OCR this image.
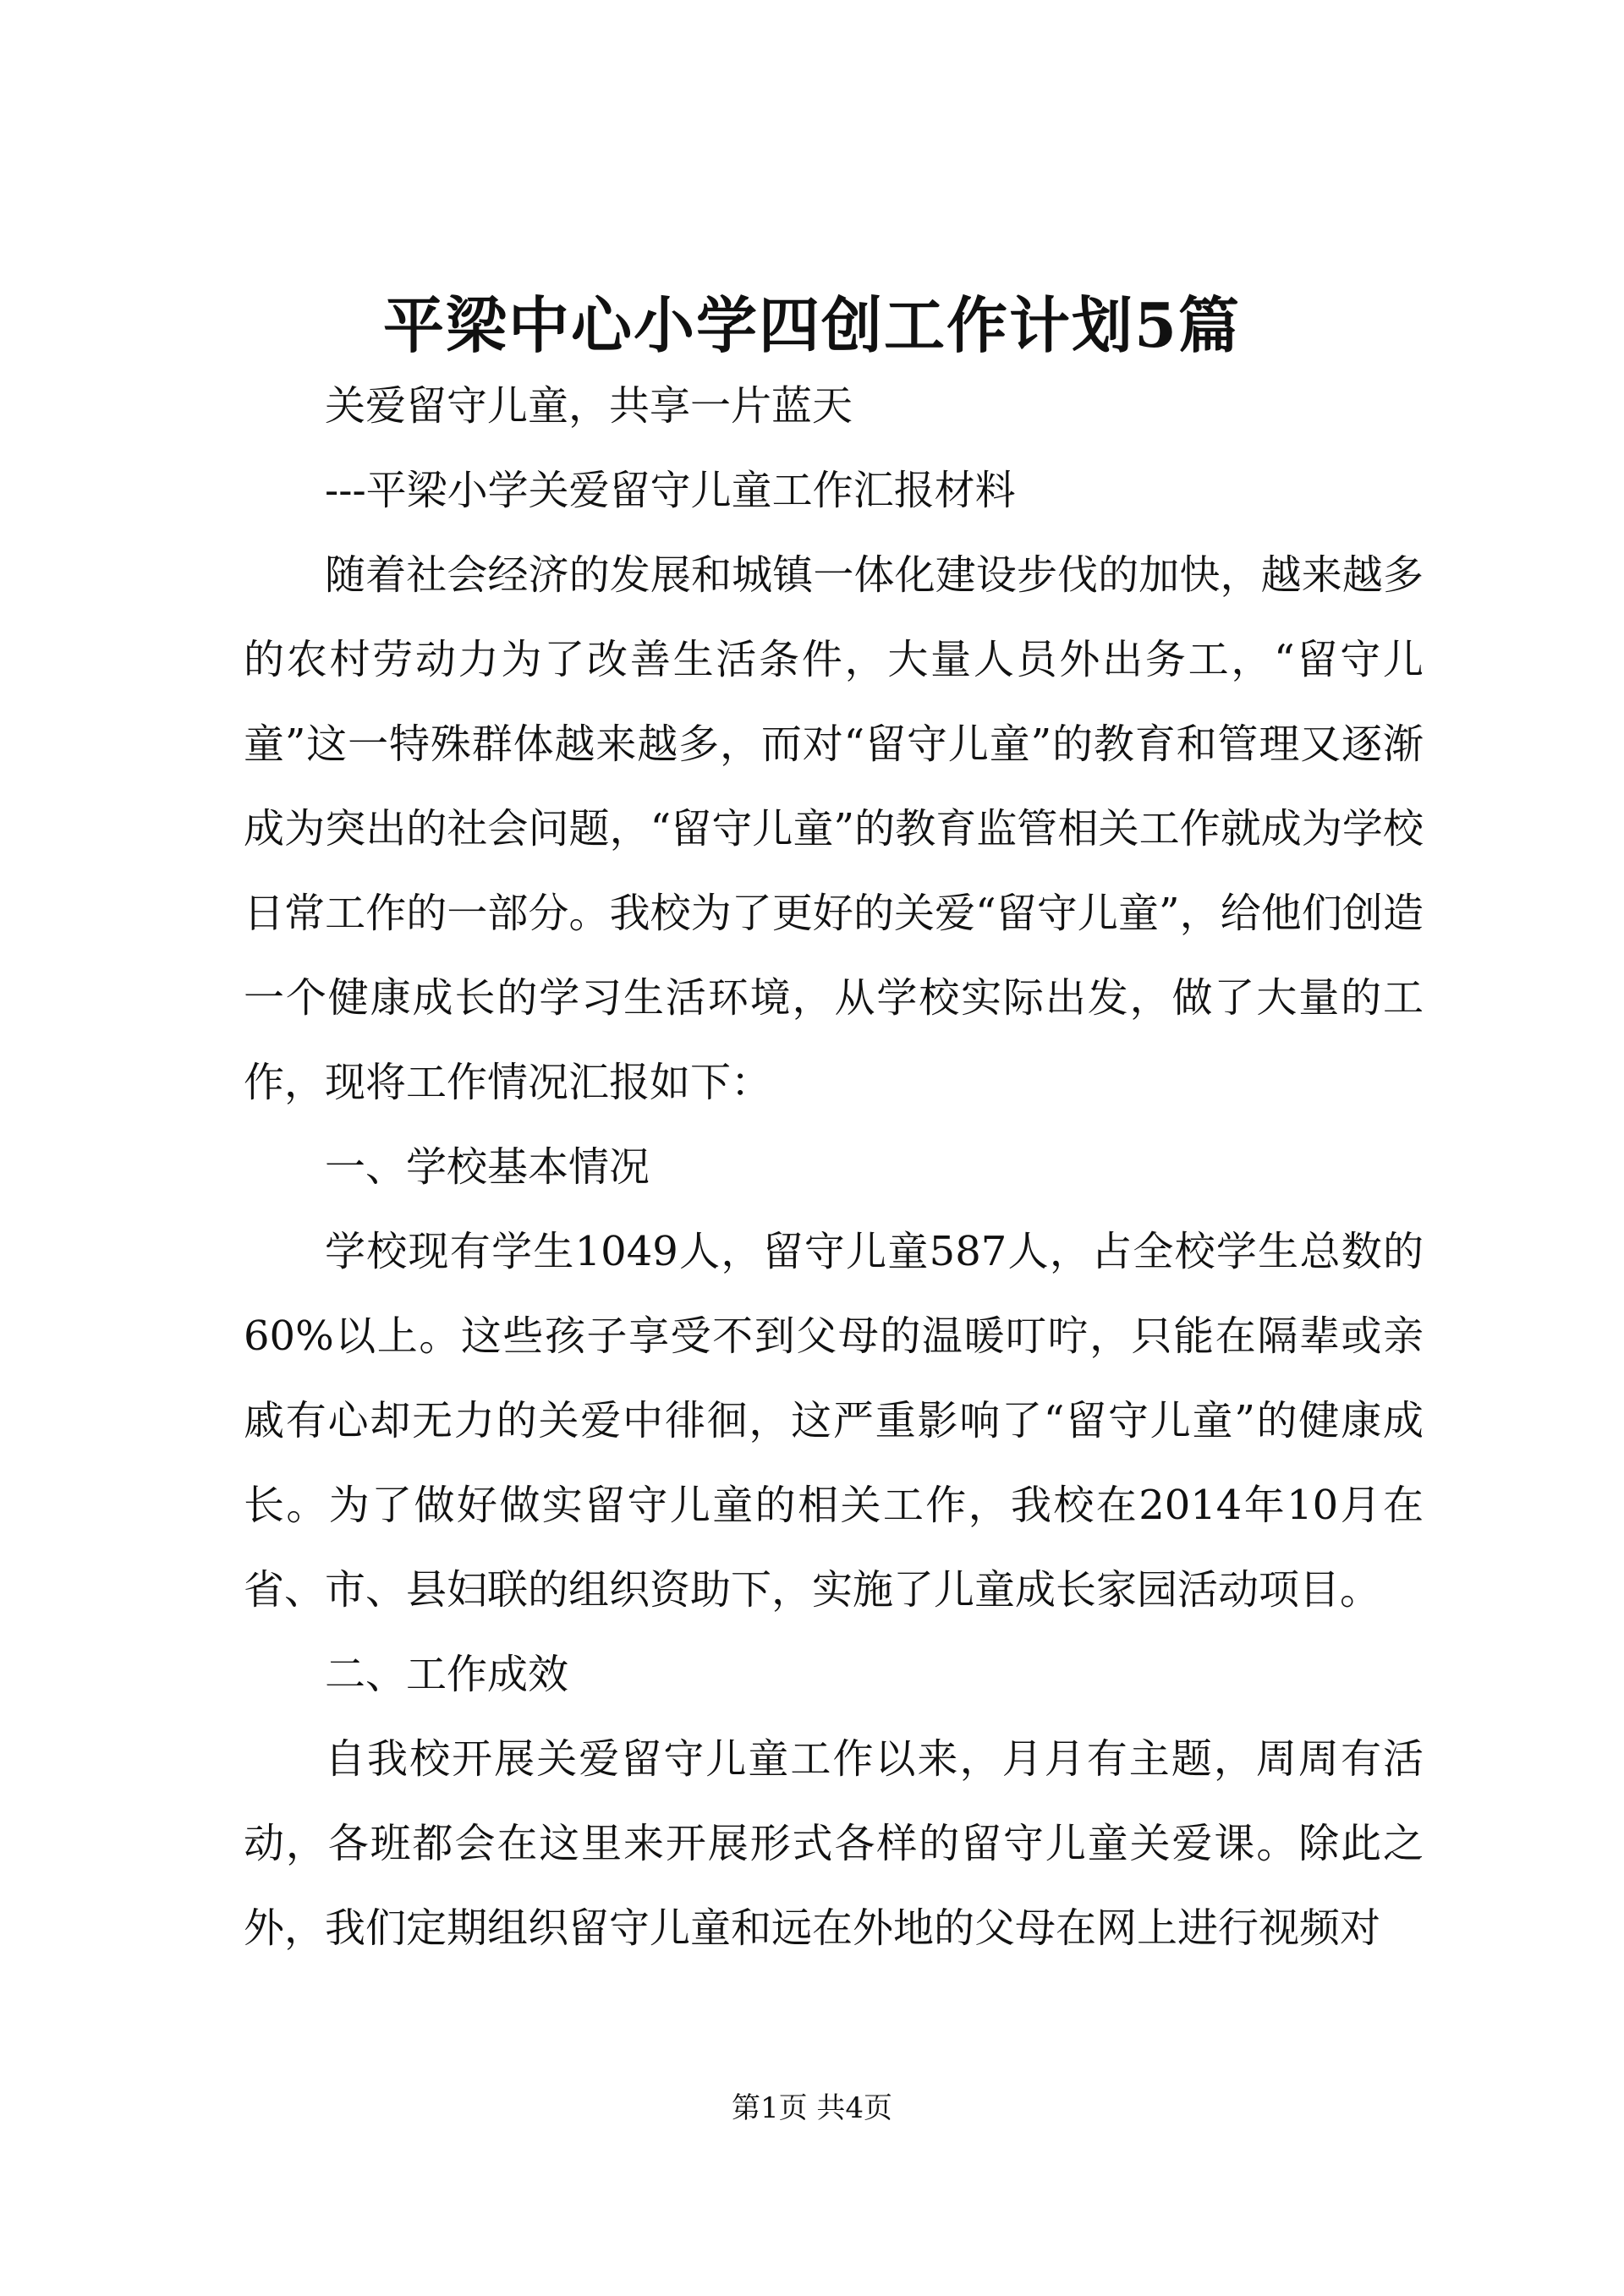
平梁中心小学四创工作计划5篇

关爱留守儿童，共享一片蓝天

---平梁小学关爱留守儿童工作汇报材料

随着社会经济的发展和城镇一体化建设步伐的加快，越来越多的农村劳动力为了改善生活条件，大量人员外出务工，“留守儿童”这一特殊群体越来越多，而对“留守儿童”的教育和管理又逐渐成为突出的社会问题，“留守儿童”的教育监管相关工作就成为学校日常工作的一部分。我校为了更好的关爱“留守儿童”，给他们创造一个健康成长的学习生活环境，从学校实际出发，做了大量的工作，现将工作情况汇报如下：

一、学校基本情况

学校现有学生1049人，留守儿童587人，占全校学生总数的60%以上。这些孩子享受不到父母的温暖叮咛，只能在隔辈或亲戚有心却无力的关爱中徘徊，这严重影响了“留守儿童”的健康成长。为了做好做实留守儿童的相关工作，我校在2014年10月在省、市、县妇联的组织资助下，实施了儿童成长家园活动项目。

二、工作成效

自我校开展关爱留守儿童工作以来，月月有主题，周周有活动，各班都会在这里来开展形式各样的留守儿童关爱课。除此之外，我们定期组织留守儿童和远在外地的父母在网上进行视频对

第1页 共4页
